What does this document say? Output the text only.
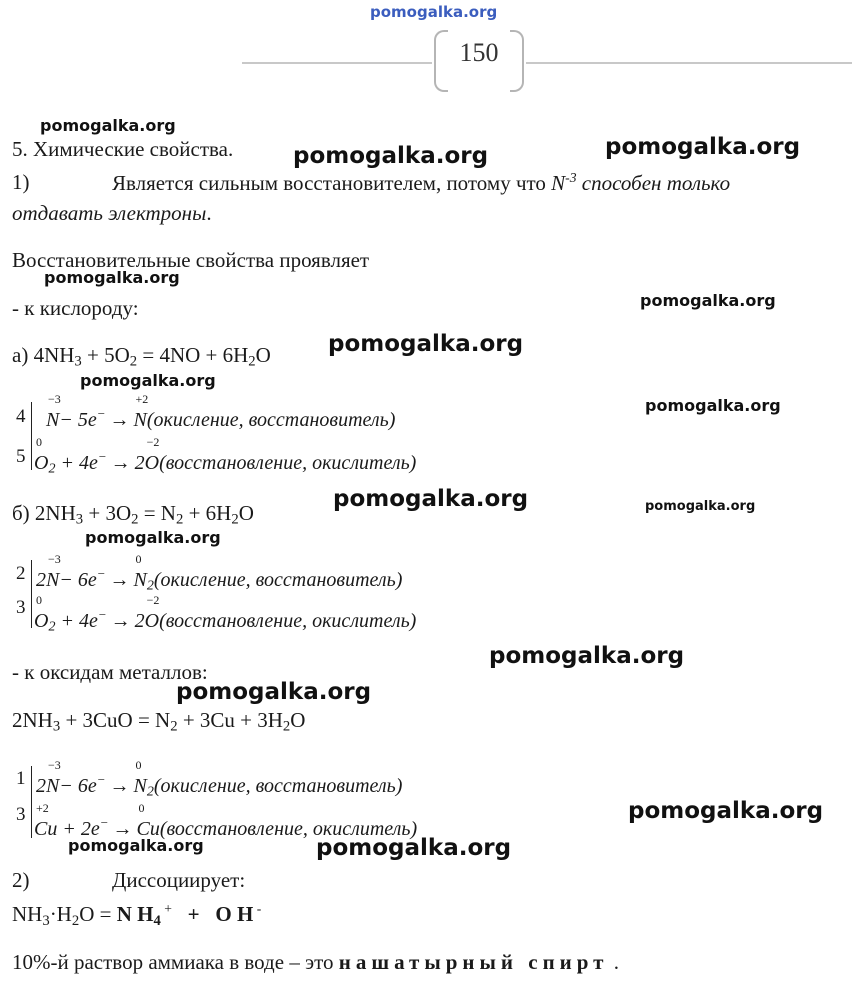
pomogalka.org
150
pomogalka.org
pomogalka.org	pomogalka.org
pomogalka.org
pomogalka.org
pomogalka.org
pomogalka.org
pomogalka.org
pomogalka.org	pomogalka.org
pomogalka.org
pomogalka.org
pomogalka.org
pomogalka.org
pomogalka.org	pomogalka.org
5. Химические свойства.
1)	Является сильным восстановителем, потому что $N^{-3}$ способен только
отдавать электроны.
Восстановительные свойства проявляет
- к кислороду:
а) $4NH_3 + 5O_2 = 4NO + 6H_2O$
4 N
−3
− 5e− → N
+2
(окисление, восстановитель)
5 O
0
$_2$ + 4e− → 2O
−2
(восстановление, окислитель)
б) $2NH_3 + 3O_2 = N_2 + 6H_2O$
2 2N
−3
− 6e− → N
0
$_2$(окисление, восстановитель)
3
O
0
$_2$ + 4e− → 2O
−2
(восстановление, окислитель)
- к оксидам металлов:
$2NH_3 + 3CuO = N_2 + 3Cu + 3H_2O$
1 2N
−3
− 6e− → N
0
$_2$(окисление, восстановитель)
3
Cu
+2
+ 2e− → Cu
0
(восстановление, окислитель)
2)	Диссоциирует:
$NH_3\cdot H_2O = N$ $H_4$ +   +   O H -
10%-й раствор аммиака в воде – это нашатырный спирт .
